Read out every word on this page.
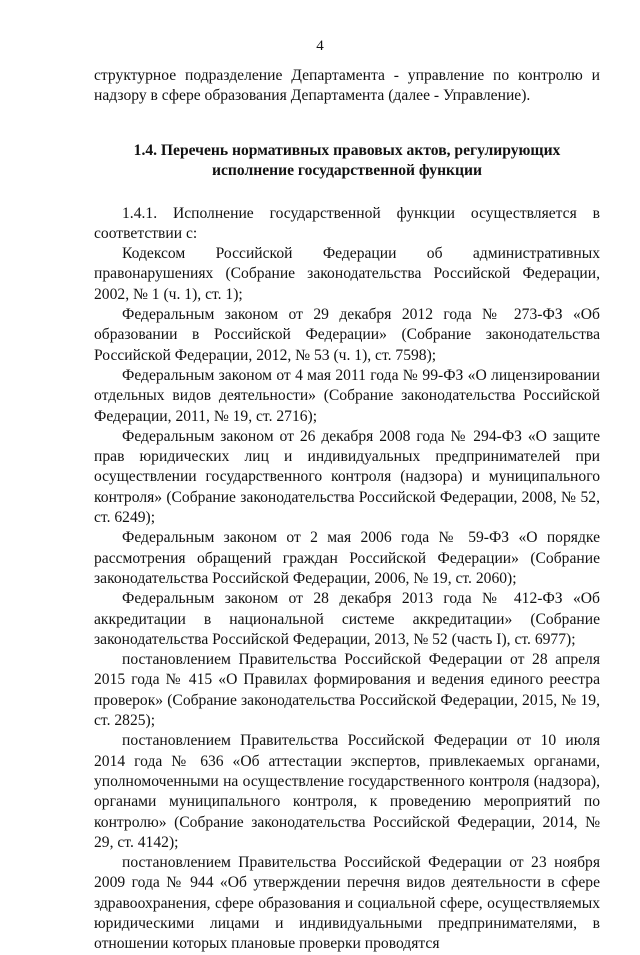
4

структурное подразделение Департамента - управление по контролю и надзору в сфере образования Департамента (далее - Управление).

1.4. Перечень нормативных правовых актов, регулирующих
исполнение государственной функции

1.4.1. Исполнение государственной функции осуществляется в соответствии с:

Кодексом Российской Федерации об административных правонарушениях (Собрание законодательства Российской Федерации, 2002, № 1 (ч. 1), ст. 1);

Федеральным законом от 29 декабря 2012 года № 273-ФЗ «Об образовании в Российской Федерации» (Собрание законодательства Российской Федерации, 2012, № 53 (ч. 1), ст. 7598);

Федеральным законом от 4 мая 2011 года № 99-ФЗ «О лицензировании отдельных видов деятельности» (Собрание законодательства Российской Федерации, 2011, № 19, ст. 2716);

Федеральным законом от 26 декабря 2008 года № 294-ФЗ «О защите прав юридических лиц и индивидуальных предпринимателей при осуществлении государственного контроля (надзора) и муниципального контроля» (Собрание законодательства Российской Федерации, 2008, № 52, ст. 6249);

Федеральным законом от 2 мая 2006 года № 59-ФЗ «О порядке рассмотрения обращений граждан Российской Федерации» (Собрание законодательства Российской Федерации, 2006, № 19, ст. 2060);

Федеральным законом от 28 декабря 2013 года № 412-ФЗ «Об аккредитации в национальной системе аккредитации» (Собрание законодательства Российской Федерации, 2013, № 52 (часть I), ст. 6977);

постановлением Правительства Российской Федерации от 28 апреля 2015 года № 415 «О Правилах формирования и ведения единого реестра проверок» (Собрание законодательства Российской Федерации, 2015, № 19, ст. 2825);

постановлением Правительства Российской Федерации от 10 июля 2014 года № 636 «Об аттестации экспертов, привлекаемых органами, уполномоченными на осуществление государственного контроля (надзора), органами муниципального контроля, к проведению мероприятий по контролю» (Собрание законодательства Российской Федерации, 2014, № 29, ст. 4142);

постановлением Правительства Российской Федерации от 23 ноября 2009 года № 944 «Об утверждении перечня видов деятельности в сфере здравоохранения, сфере образования и социальной сфере, осуществляемых юридическими лицами и индивидуальными предпринимателями, в отношении которых плановые проверки проводятся
